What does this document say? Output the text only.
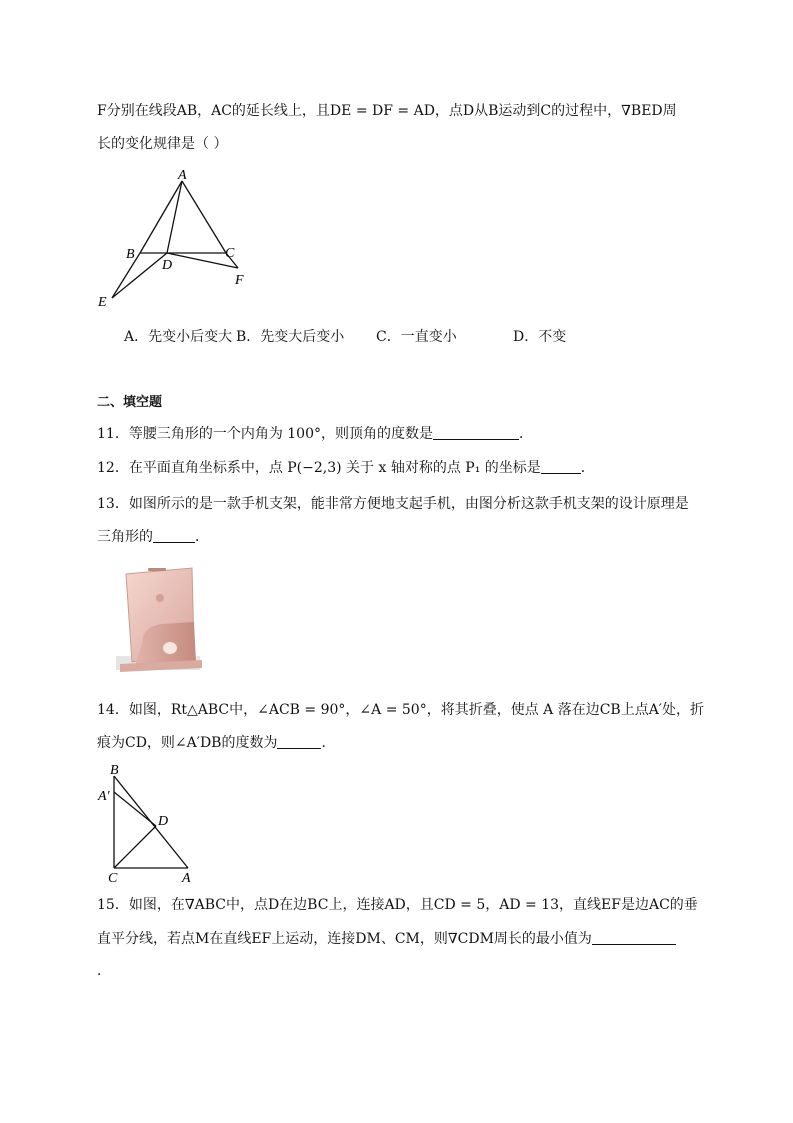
F分别在线段AB，AC的延长线上，且DE = DF = AD，点D从B运动到C的过程中，∇BED周
长的变化规律是（ ）
A
B	C
D
E
F
A．先变小后变大 B．先变大后变小 C．一直变小	D．不变
二、填空题
11．等腰三角形的一个内角为 100°，则顶角的度数是	．
12．在平面直角坐标系中，点 P(−2,3) 关于 x 轴对称的点 P₁ 的坐标是	．
13．如图所示的是一款手机支架，能非常方便地支起手机，由图分析这款手机支架的设计原理是
三角形的	．
14．如图，Rt△ABC中，∠ACB = 90°，∠A = 50°，将其折叠，使点 A 落在边CB上点A′处，折
痕为CD，则∠A′DB的度数为	．
B
A′
D
C	A
15．如图，在∇ABC中，点D在边BC上，连接AD，且CD = 5，AD = 13，直线EF是边AC的垂
直平分线，若点M在直线EF上运动，连接DM、CM，则∇CDM周长的最小值为
．
